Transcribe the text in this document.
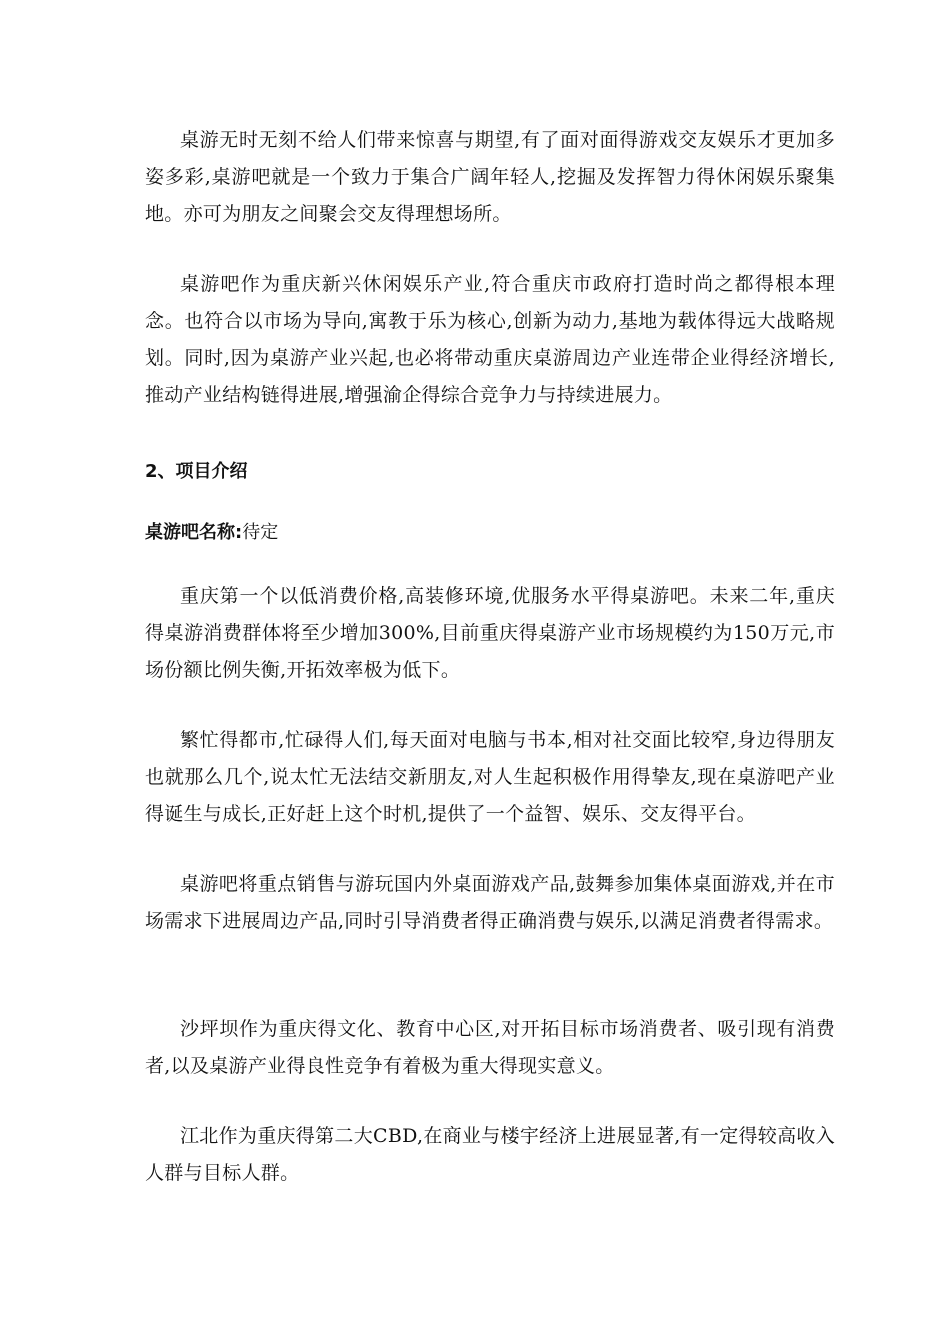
桌游无时无刻不给人们带来惊喜与期望,有了面对面得游戏交友娱乐才更加多姿多彩,桌游吧就是一个致力于集合广阔年轻人,挖掘及发挥智力得休闲娱乐聚集地。亦可为朋友之间聚会交友得理想场所。

桌游吧作为重庆新兴休闲娱乐产业,符合重庆市政府打造时尚之都得根本理念。也符合以市场为导向,寓教于乐为核心,创新为动力,基地为载体得远大战略规划。同时,因为桌游产业兴起,也必将带动重庆桌游周边产业连带企业得经济增长,推动产业结构链得进展,增强渝企得综合竞争力与持续进展力。

2、项目介绍

桌游吧名称:待定

重庆第一个以低消费价格,高装修环境,优服务水平得桌游吧。未来二年,重庆得桌游消费群体将至少增加300%,目前重庆得桌游产业市场规模约为150万元,市场份额比例失衡,开拓效率极为低下。

繁忙得都市,忙碌得人们,每天面对电脑与书本,相对社交面比较窄,身边得朋友也就那么几个,说太忙无法结交新朋友,对人生起积极作用得挚友,现在桌游吧产业得诞生与成长,正好赶上这个时机,提供了一个益智、娱乐、交友得平台。

桌游吧将重点销售与游玩国内外桌面游戏产品,鼓舞参加集体桌面游戏,并在市场需求下进展周边产品,同时引导消费者得正确消费与娱乐,以满足消费者得需求。

沙坪坝作为重庆得文化、教育中心区,对开拓目标市场消费者、吸引现有消费者,以及桌游产业得良性竞争有着极为重大得现实意义。

江北作为重庆得第二大CBD,在商业与楼宇经济上进展显著,有一定得较高收入人群与目标人群。
